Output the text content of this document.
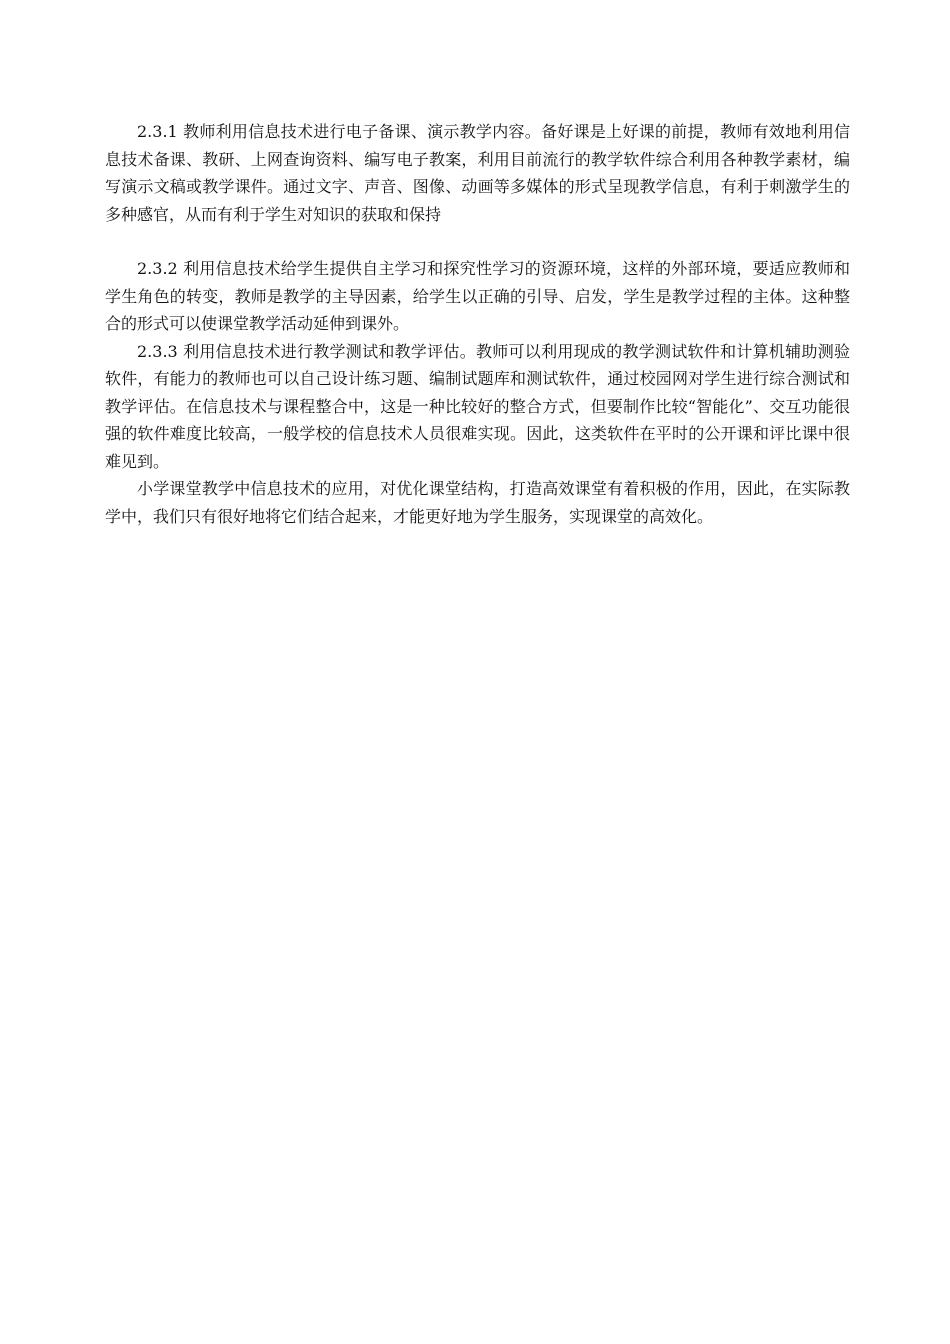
2.3.1 教师利用信息技术进行电子备课、演示教学内容。备好课是上好课的前提，教师有效地利用信息技术备课、教研、上网查询资料、编写电子教案，利用目前流行的教学软件综合利用各种教学素材，编写演示文稿或教学课件。通过文字、声音、图像、动画等多媒体的形式呈现教学信息，有利于刺激学生的多种感官，从而有利于学生对知识的获取和保持

2.3.2 利用信息技术给学生提供自主学习和探究性学习的资源环境，这样的外部环境，要适应教师和学生角色的转变，教师是教学的主导因素，给学生以正确的引导、启发，学生是教学过程的主体。这种整合的形式可以使课堂教学活动延伸到课外。

2.3.3 利用信息技术进行教学测试和教学评估。教师可以利用现成的教学测试软件和计算机辅助测验软件，有能力的教师也可以自己设计练习题、编制试题库和测试软件，通过校园网对学生进行综合测试和教学评估。在信息技术与课程整合中，这是一种比较好的整合方式，但要制作比较“智能化”、交互功能很强的软件难度比较高，一般学校的信息技术人员很难实现。因此，这类软件在平时的公开课和评比课中很难见到。

小学课堂教学中信息技术的应用，对优化课堂结构，打造高效课堂有着积极的作用，因此，在实际教学中，我们只有很好地将它们结合起来，才能更好地为学生服务，实现课堂的高效化。
